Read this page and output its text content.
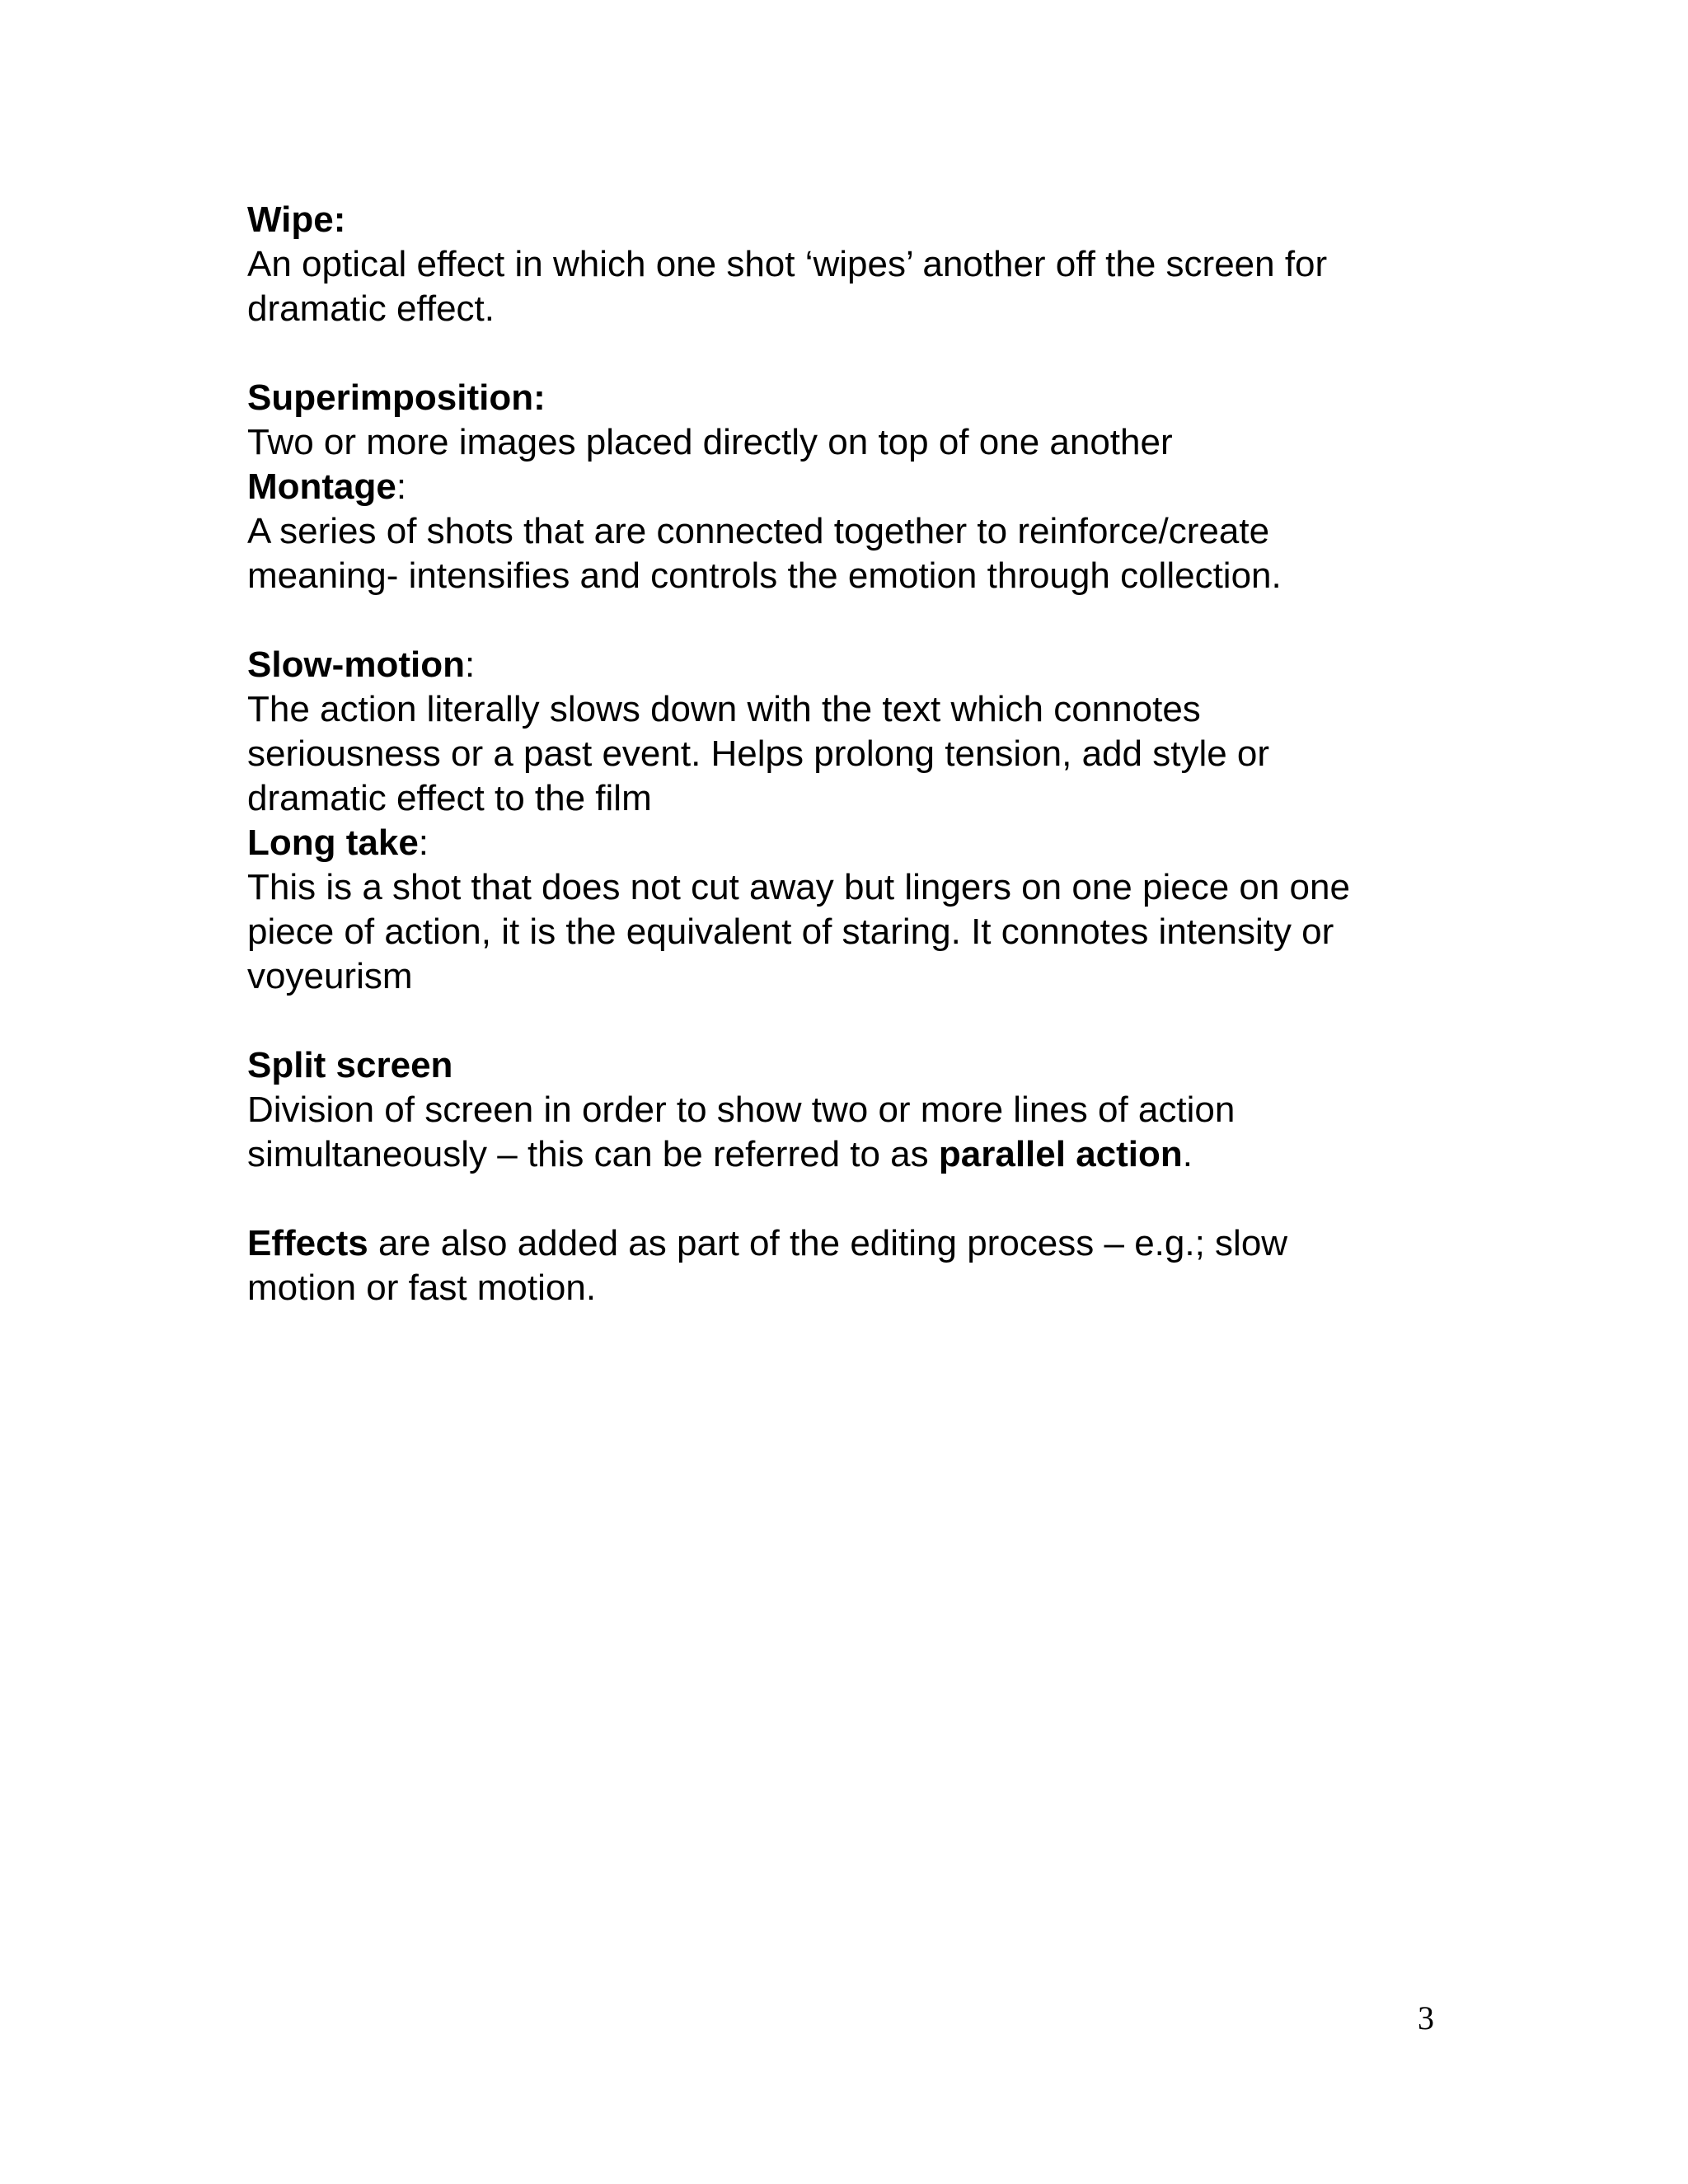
Wipe:
An optical effect in which one shot ‘wipes’ another off the screen for
dramatic effect.
Superimposition:
Two or more images placed directly on top of one another
Montage:
A series of shots that are connected together to reinforce/create
meaning- intensifies and controls the emotion through collection.
Slow-motion:
The action literally slows down with the text which connotes
seriousness or a past event. Helps prolong tension, add style or
dramatic effect to the film
Long take:
This is a shot that does not cut away but lingers on one piece on one
piece of action, it is the equivalent of staring. It connotes intensity or
voyeurism
Split screen
Division of screen in order to show two or more lines of action
simultaneously – this can be referred to as parallel action.
Effects are also added as part of the editing process – e.g.; slow
motion or fast motion.
3
